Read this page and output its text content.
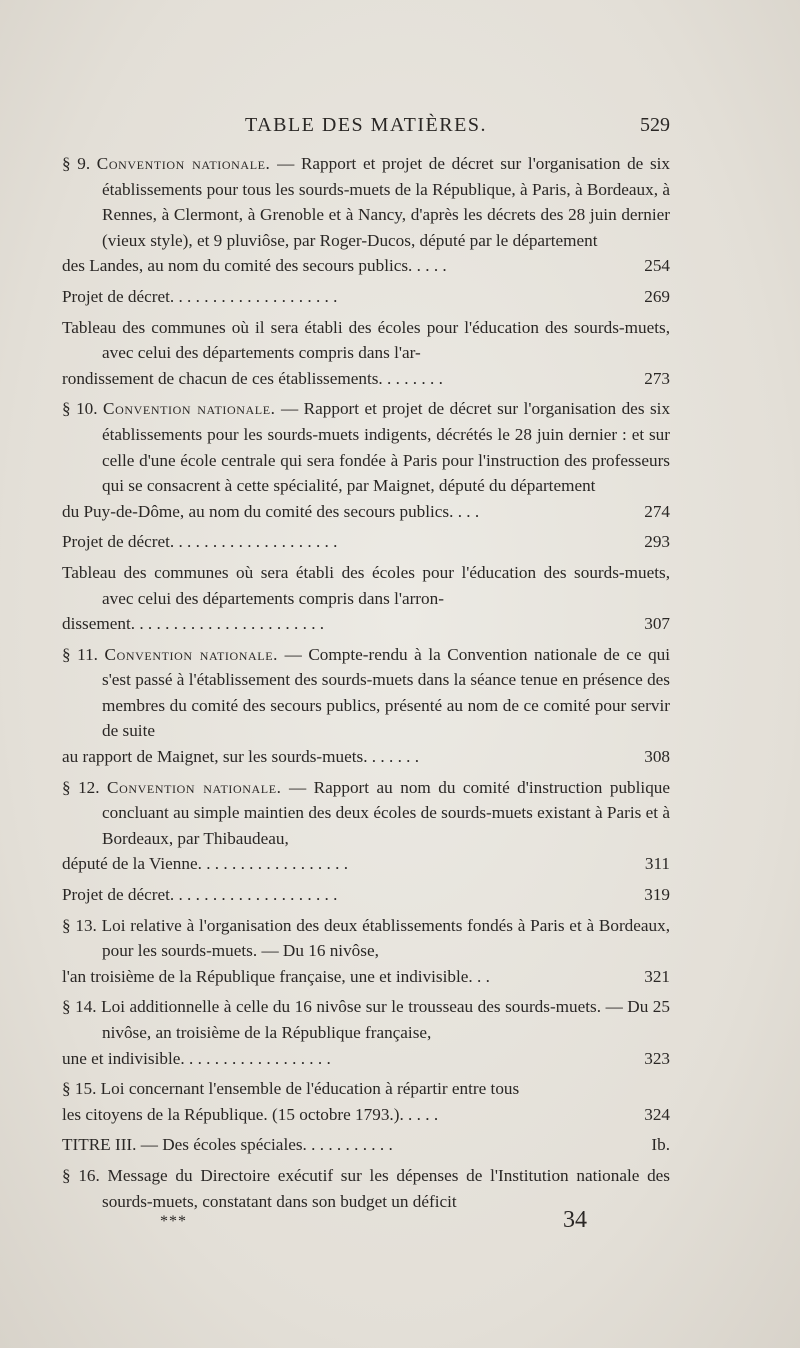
TABLE DES MATIÈRES.	529
§ 9. Convention nationale. — Rapport et projet de décret sur l'organisation de six établissements pour tous les sourds-muets de la République, à Paris, à Bordeaux, à Rennes, à Clermont, à Grenoble et à Nancy, d'après les décrets des 28 juin dernier (vieux style), et 9 pluviôse, par Roger-Ducos, député par le département
des Landes, au nom du comité des secours publics. . . . .	254
Projet de décret. . . . . . . . . . . . . . . . . . . .	269
Tableau des communes où il sera établi des écoles pour l'éducation des sourds-muets, avec celui des départements compris dans l'ar-
rondissement de chacun de ces établissements. . . . . . . .	273
§ 10. Convention nationale. — Rapport et projet de décret sur l'organisation des six établissements pour les sourds-muets indigents, décrétés le 28 juin dernier : et sur celle d'une école centrale qui sera fondée à Paris pour l'instruction des professeurs qui se consacrent à cette spécialité, par Maignet, député du département
du Puy-de-Dôme, au nom du comité des secours publics. . . .	274
Projet de décret. . . . . . . . . . . . . . . . . . . .	293
Tableau des communes où sera établi des écoles pour l'éducation des sourds-muets, avec celui des départements compris dans l'arron-
dissement. . . . . . . . . . . . . . . . . . . . . . .	307
§ 11. Convention nationale. — Compte-rendu à la Convention nationale de ce qui s'est passé à l'établissement des sourds-muets dans la séance tenue en présence des membres du comité des secours publics, présenté au nom de ce comité pour servir de suite
au rapport de Maignet, sur les sourds-muets. . . . . . .	308
§ 12. Convention nationale. — Rapport au nom du comité d'instruction publique concluant au simple maintien des deux écoles de sourds-muets existant à Paris et à Bordeaux, par Thibaudeau,
député de la Vienne. . . . . . . . . . . . . . . . . .	311
Projet de décret. . . . . . . . . . . . . . . . . . . .	319
§ 13. Loi relative à l'organisation des deux établissements fondés à Paris et à Bordeaux, pour les sourds-muets. — Du 16 nivôse,
l'an troisième de la République française, une et indivisible. . .	321
§ 14. Loi additionnelle à celle du 16 nivôse sur le trousseau des sourds-muets. — Du 25 nivôse, an troisième de la République française,
une et indivisible. . . . . . . . . . . . . . . . . .	323
§ 15. Loi concernant l'ensemble de l'éducation à répartir entre tous
les citoyens de la République. (15 octobre 1793.). . . . .	324
TITRE III. — Des écoles spéciales. . . . . . . . . . .	Ib.
§ 16. Message du Directoire exécutif sur les dépenses de l'Institution nationale des sourds-muets, constatant dans son budget un déficit
***	34
